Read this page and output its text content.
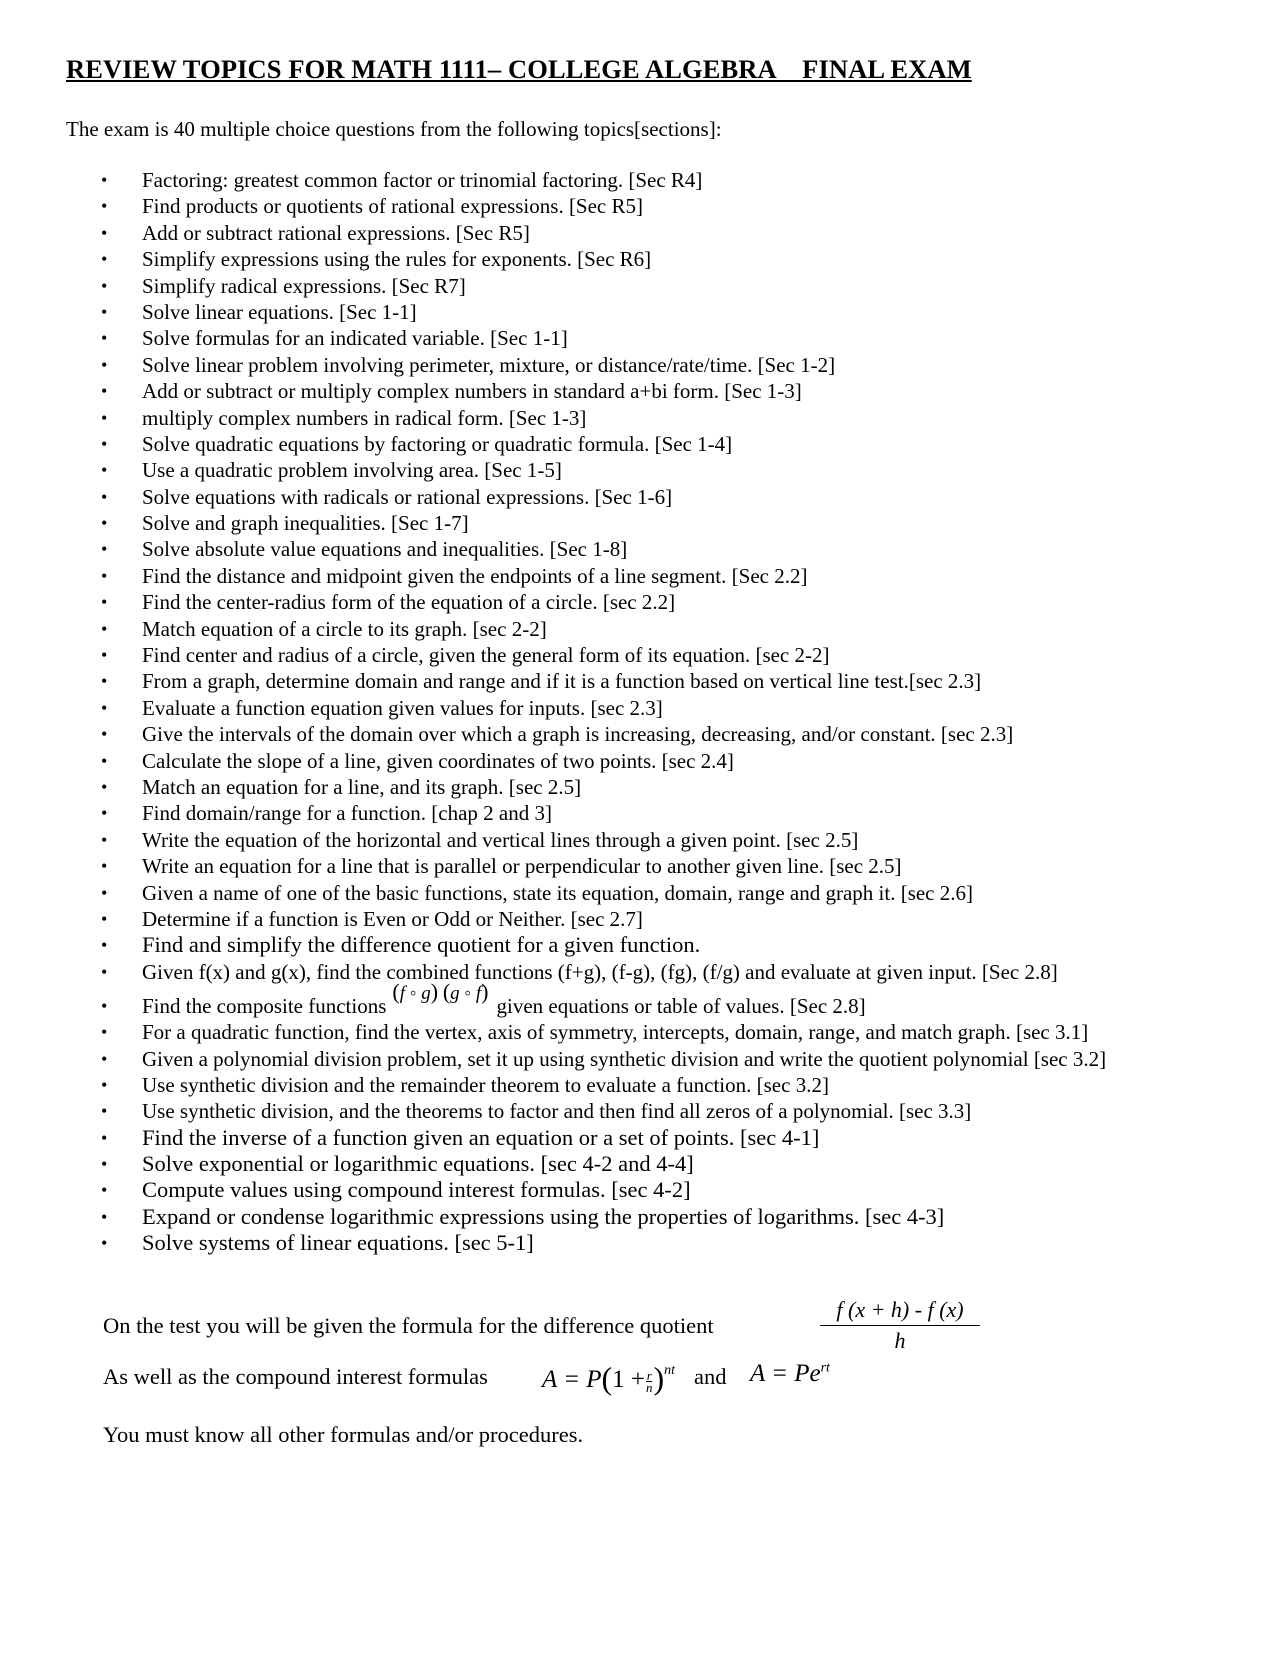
REVIEW TOPICS FOR MATH 1111– COLLEGE ALGEBRA    FINAL EXAM
The exam is 40 multiple choice questions from the following topics[sections]:
• Factoring: greatest common factor or trinomial factoring. [Sec R4]
• Find products or quotients of rational expressions. [Sec R5]
• Add or subtract rational expressions. [Sec R5]
• Simplify expressions using the rules for exponents. [Sec R6]
• Simplify radical expressions. [Sec R7]
• Solve linear equations. [Sec 1-1]
• Solve formulas for an indicated variable. [Sec 1-1]
• Solve linear problem involving perimeter, mixture, or distance/rate/time. [Sec 1-2]
• Add or subtract or multiply complex numbers in standard a+bi form. [Sec 1-3]
• multiply complex numbers in radical form. [Sec 1-3]
• Solve quadratic equations by factoring or quadratic formula. [Sec 1-4]
• Use a quadratic problem involving area. [Sec 1-5]
• Solve equations with radicals or rational expressions. [Sec 1-6]
• Solve and graph inequalities. [Sec 1-7]
• Solve absolute value equations and inequalities. [Sec 1-8]
• Find the distance and midpoint given the endpoints of a line segment. [Sec 2.2]
• Find the center-radius form of the equation of a circle. [sec 2.2]
• Match equation of a circle to its graph. [sec 2-2]
• Find center and radius of a circle, given the general form of its equation. [sec 2-2]
• From a graph, determine domain and range and if it is a function based on vertical line test.[sec 2.3]
• Evaluate a function equation given values for inputs. [sec 2.3]
• Give the intervals of the domain over which a graph is increasing, decreasing, and/or constant. [sec 2.3]
• Calculate the slope of a line, given coordinates of two points. [sec 2.4]
• Match an equation for a line, and its graph. [sec 2.5]
• Find domain/range for a function. [chap 2 and 3]
• Write the equation of the horizontal and vertical lines through a given point. [sec 2.5]
• Write an equation for a line that is parallel or perpendicular to another given line. [sec 2.5]
• Given a name of one of the basic functions, state its equation, domain, range and graph it. [sec 2.6]
• Determine if a function is Even or Odd or Neither. [sec 2.7]
• Find and simplify the difference quotient for a given function.
• Given f(x) and g(x), find the combined functions (f+g), (f-g), (fg), (f/g) and evaluate at given input. [Sec 2.8]
• Find the composite functions(f ◦ g) (g ◦ f)given equations or table of values. [Sec 2.8]
• For a quadratic function, find the vertex, axis of symmetry, intercepts, domain, range, and match graph. [sec 3.1]
• Given a polynomial division problem, set it up using synthetic division and write the quotient polynomial [sec 3.2]
• Use synthetic division and the remainder theorem to evaluate a function. [sec 3.2]
• Use synthetic division, and the theorems to factor and then find all zeros of a polynomial. [sec 3.3]
• Find the inverse of a function given an equation or a set of points. [sec 4-1]
• Solve exponential or logarithmic equations. [sec 4-2 and 4-4]
• Compute values using compound interest formulas. [sec 4-2]
• Expand or condense logarithmic expressions using the properties of logarithms. [sec 4-3]
• Solve systems of linear equations. [sec 5-1]
On the test you will be given the formula for the difference quotient	$\frac{f (x + h) - f (x)}{h}$
As well as the compound interest formulas $A = P(1 + \frac{r}{n} )^{nt}$ and $A = Pe^{rt}$
You must know all other formulas and/or procedures.
